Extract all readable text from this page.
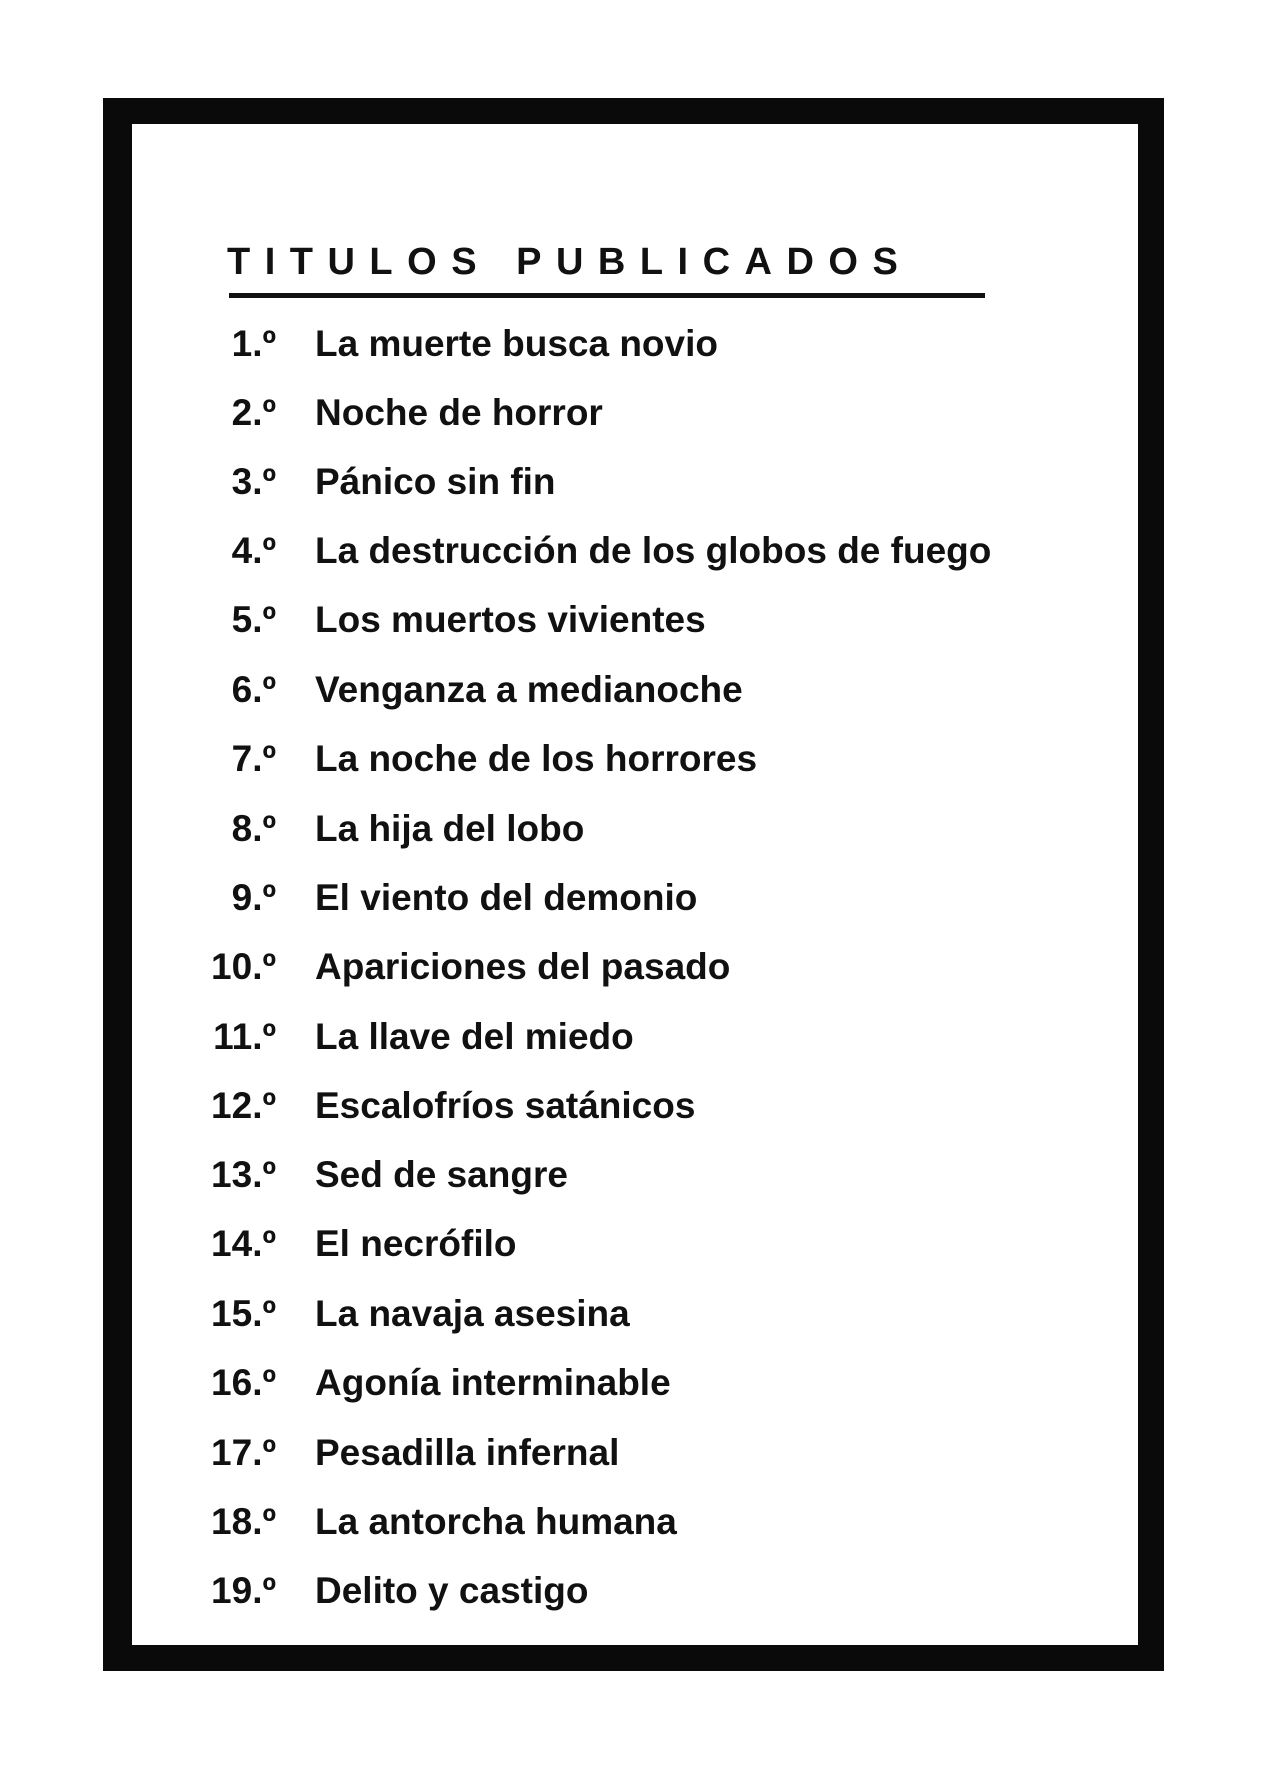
TITULOS PUBLICADOS
1.º La muerte busca novio
2.º Noche de horror
3.º Pánico sin fin
4.º La destrucción de los globos de fuego
5.º Los muertos vivientes
6.º Venganza a medianoche
7.º La noche de los horrores
8.º La hija del lobo
9.º El viento del demonio
10.º Apariciones del pasado
11.º La llave del miedo
12.º Escalofríos satánicos
13.º Sed de sangre
14.º El necrófilo
15.º La navaja asesina
16.º Agonía interminable
17.º Pesadilla infernal
18.º La antorcha humana
19.º Delito y castigo
